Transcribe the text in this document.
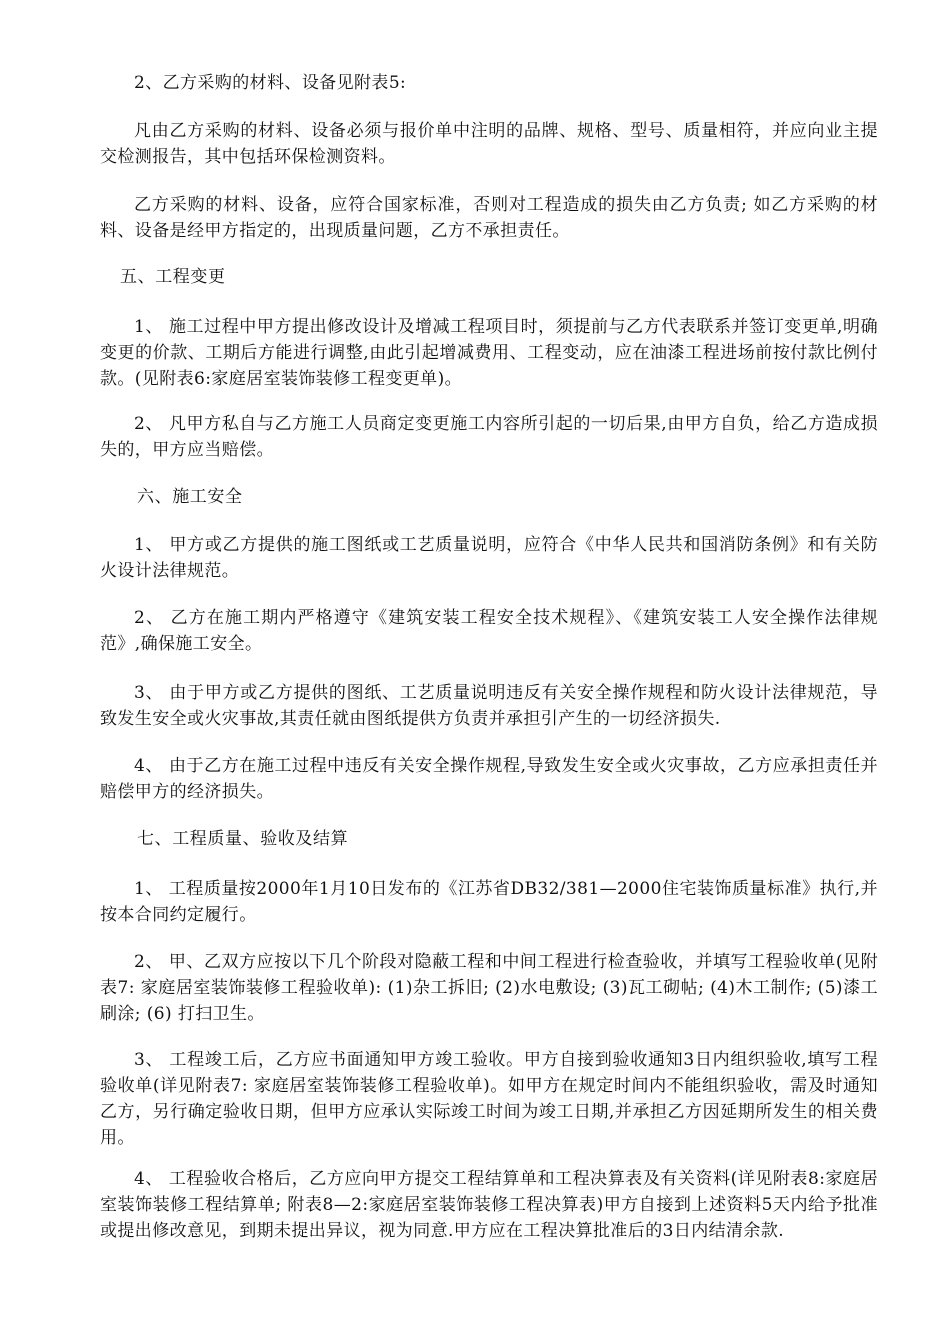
2、乙方采购的材料、设备见附表5:

凡由乙方采购的材料、设备必须与报价单中注明的品牌、规格、型号、质量相符，并应向业主提交检测报告，其中包括环保检测资料。

乙方采购的材料、设备，应符合国家标准，否则对工程造成的损失由乙方负责; 如乙方采购的材料、设备是经甲方指定的，出现质量问题，乙方不承担责任。

五、工程变更

1、 施工过程中甲方提出修改设计及增减工程项目时，须提前与乙方代表联系并签订变更单,明确变更的价款、工期后方能进行调整,由此引起增减费用、工程变动，应在油漆工程进场前按付款比例付款。(见附表6:家庭居室装饰装修工程变更单)。

2、 凡甲方私自与乙方施工人员商定变更施工内容所引起的一切后果,由甲方自负，给乙方造成损失的，甲方应当赔偿。

六、施工安全

1、 甲方或乙方提供的施工图纸或工艺质量说明，应符合《中华人民共和国消防条例》和有关防火设计法律规范。

2、 乙方在施工期内严格遵守《建筑安装工程安全技术规程》、《建筑安装工人安全操作法律规范》,确保施工安全。

3、 由于甲方或乙方提供的图纸、工艺质量说明违反有关安全操作规程和防火设计法律规范，导致发生安全或火灾事故,其责任就由图纸提供方负责并承担引产生的一切经济损失.

4、 由于乙方在施工过程中违反有关安全操作规程,导致发生安全或火灾事故，乙方应承担责任并赔偿甲方的经济损失。

七、工程质量、验收及结算

1、 工程质量按2000年1月10日发布的《江苏省DB32/381—2000住宅装饰质量标准》执行,并按本合同约定履行。

2、 甲、乙双方应按以下几个阶段对隐蔽工程和中间工程进行检查验收，并填写工程验收单(见附表7: 家庭居室装饰装修工程验收单): (1)杂工拆旧; (2)水电敷设; (3)瓦工砌帖; (4)木工制作; (5)漆工刷涂; (6) 打扫卫生。

3、 工程竣工后，乙方应书面通知甲方竣工验收。甲方自接到验收通知3日内组织验收,填写工程验收单(详见附表7: 家庭居室装饰装修工程验收单)。如甲方在规定时间内不能组织验收，需及时通知乙方，另行确定验收日期，但甲方应承认实际竣工时间为竣工日期,并承担乙方因延期所发生的相关费用。

4、 工程验收合格后，乙方应向甲方提交工程结算单和工程决算表及有关资料(详见附表8:家庭居室装饰装修工程结算单; 附表8—2:家庭居室装饰装修工程决算表)甲方自接到上述资料5天内给予批准或提出修改意见，到期未提出异议，视为同意.甲方应在工程决算批准后的3日内结清余款.
